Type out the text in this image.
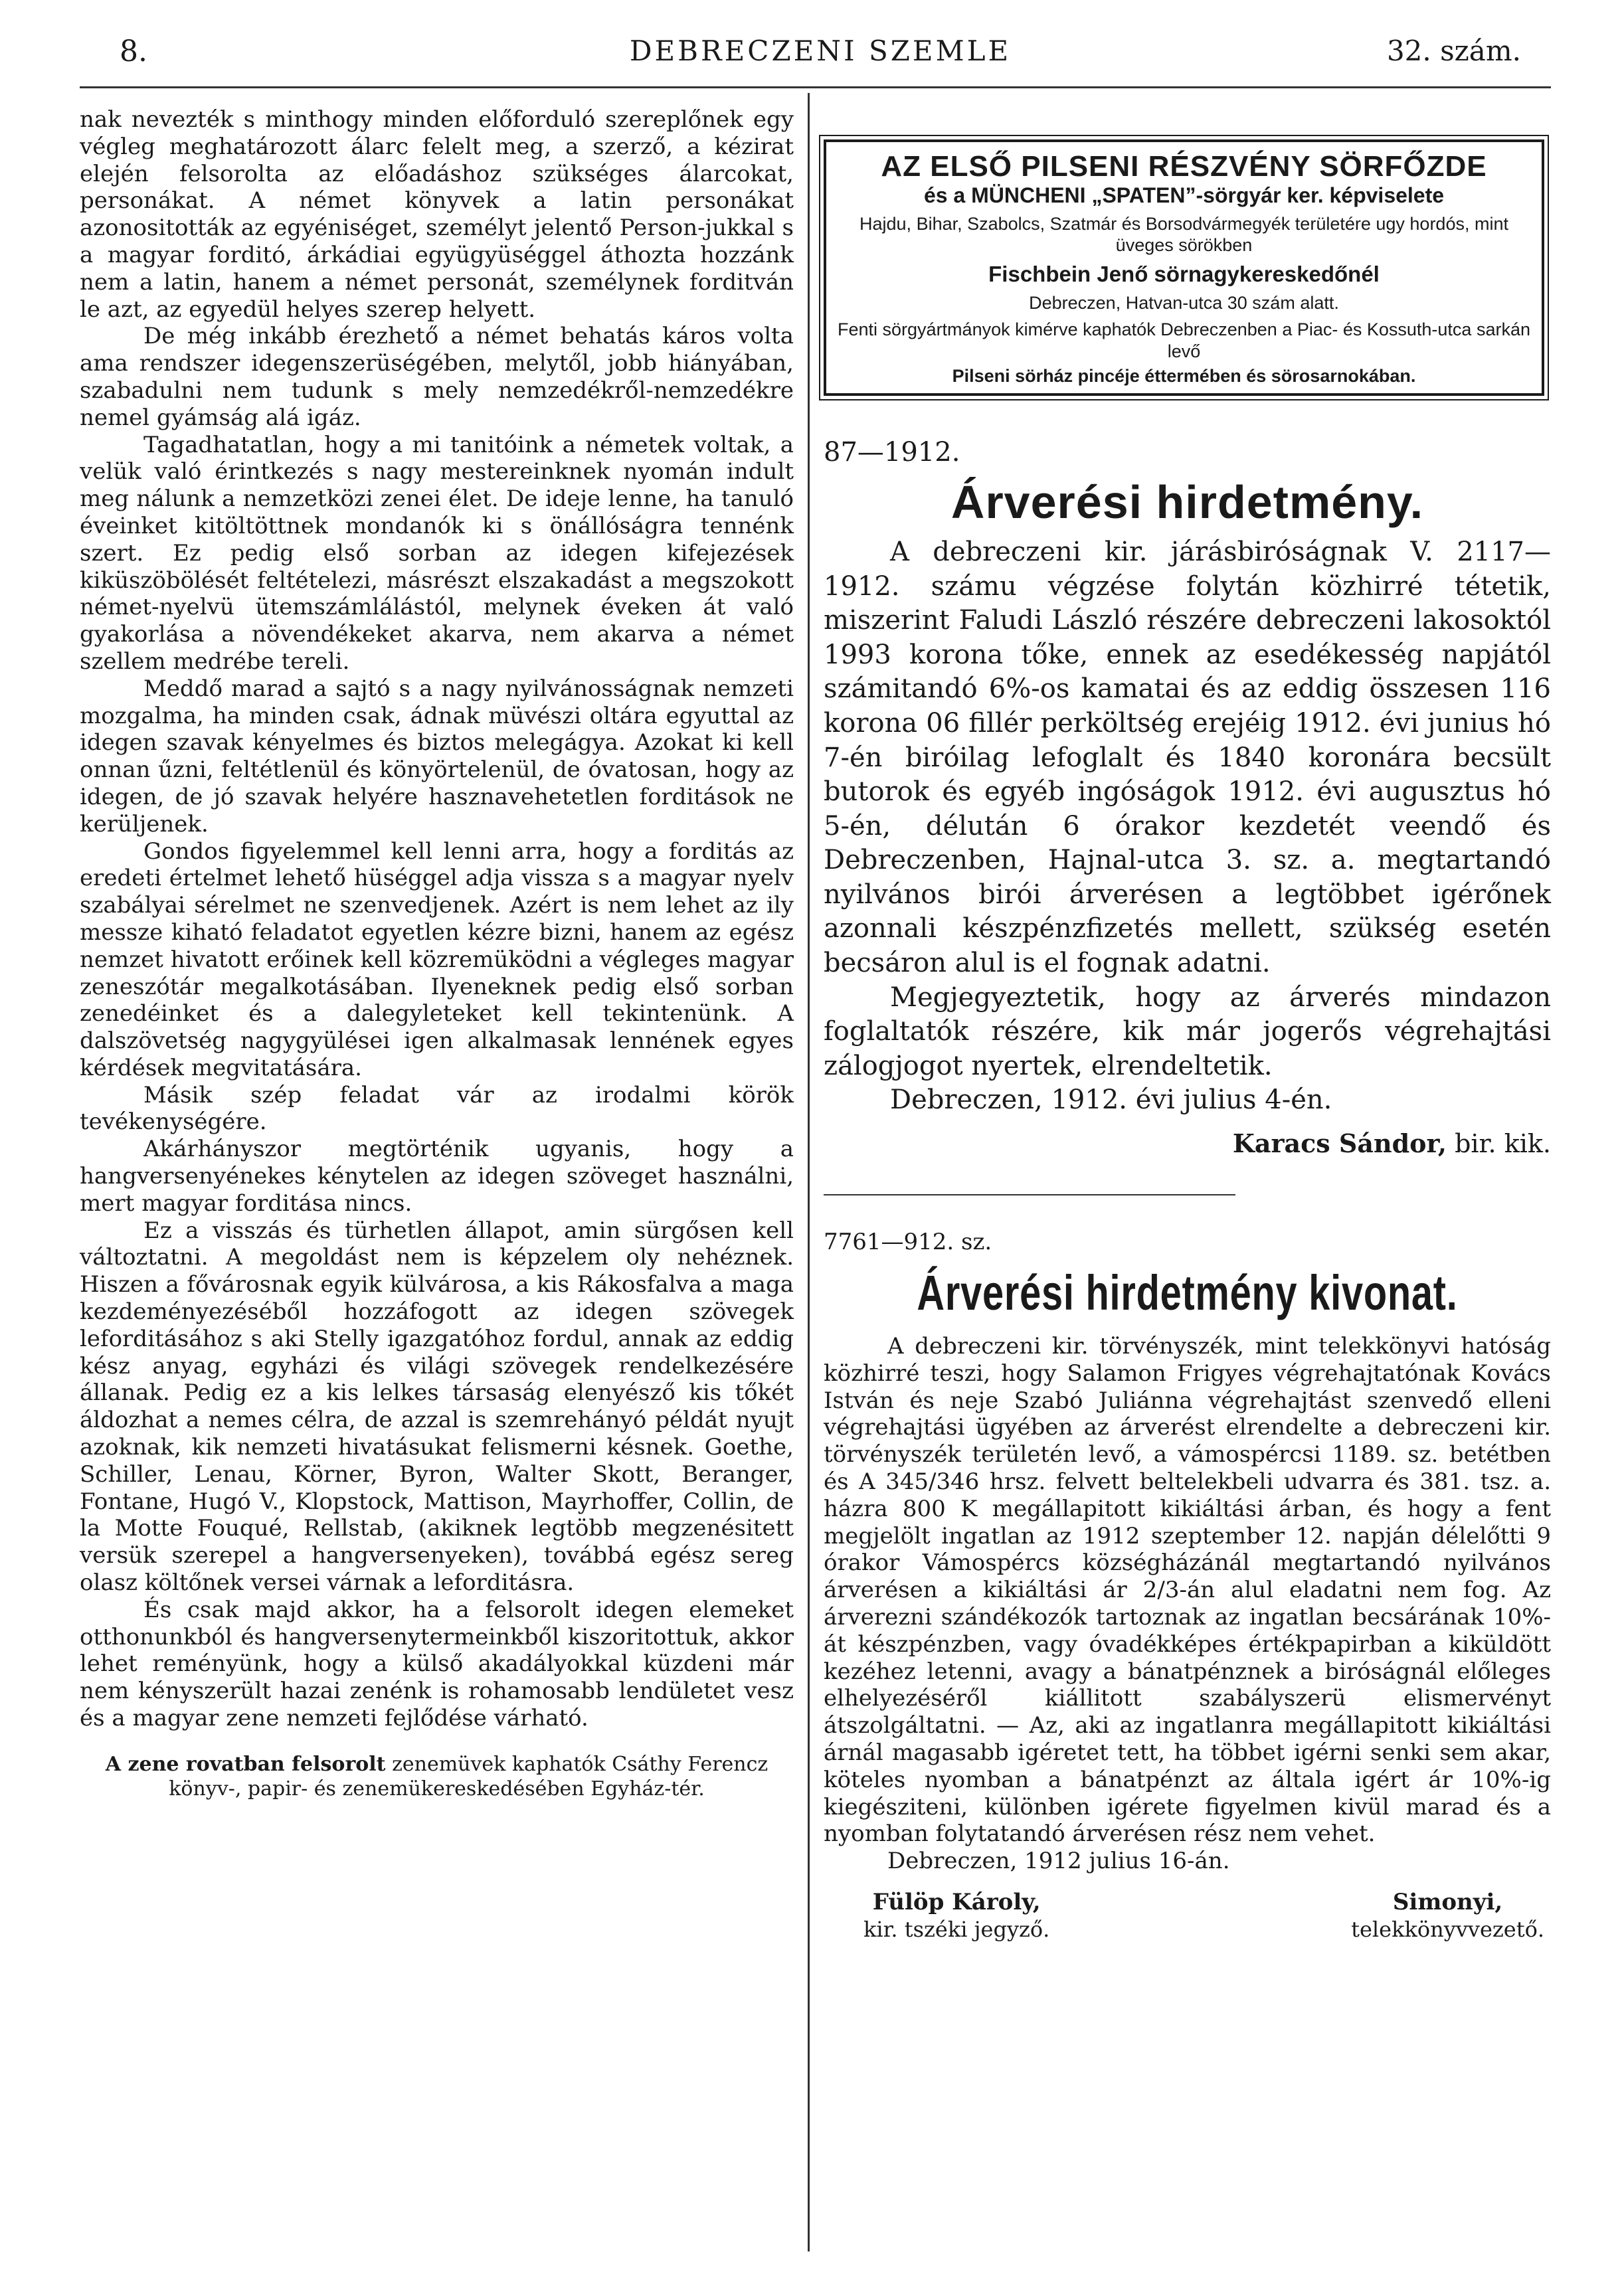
8.	DEBRECZENI SZEMLE	32. szám.

nak nevezték s minthogy minden előforduló szereplőnek egy végleg meghatározott álarc felelt meg, a szerző, a kézirat elején felsorolta az előadáshoz szükséges álarcokat, personákat. A német könyvek a latin personákat azonositották az egyéniséget, személyt jelentő Person-jukkal s a magyar forditó, árkádiai együgyüséggel áthozta hozzánk nem a latin, hanem a német personát, személynek forditván le azt, az egyedül helyes szerep helyett.

De még inkább érezhető a német behatás káros volta ama rendszer idegenszerüségében, melytől, jobb hiányában, szabadulni nem tudunk s mely nemzedékről-nemzedékre nemel gyámság alá igáz.

Tagadhatatlan, hogy a mi tanitóink a németek voltak, a velük való érintkezés s nagy mestereinknek nyomán indult meg nálunk a nemzetközi zenei élet. De ideje lenne, ha tanuló éveinket kitöltöttnek mondanók ki s önállóságra tennénk szert. Ez pedig első sorban az idegen kifejezések kiküszöbölését feltételezi, másrészt elszakadást a megszokott német-nyelvü ütemszámlálástól, melynek éveken át való gyakorlása a növendékeket akarva, nem akarva a német szellem medrébe tereli.

Meddő marad a sajtó s a nagy nyilvánosságnak nemzeti mozgalma, ha minden csak, ádnak müvészi oltára egyuttal az idegen szavak kényelmes és biztos melegágya. Azokat ki kell onnan űzni, feltétlenül és könyörtelenül, de óvatosan, hogy az idegen, de jó szavak helyére hasznavehetetlen forditások ne kerüljenek.

Gondos figyelemmel kell lenni arra, hogy a forditás az eredeti értelmet lehető hüséggel adja vissza s a magyar nyelv szabályai sérelmet ne szenvedjenek. Azért is nem lehet az ily messze kiható feladatot egyetlen kézre bizni, hanem az egész nemzet hivatott erőinek kell közremüködni a végleges magyar zeneszótár megalkotásában. Ilyeneknek pedig első sorban zenedéinket és a dalegyleteket kell tekintenünk. A dalszövetség nagygyülései igen alkalmasak lennének egyes kérdések megvitatására.

Másik szép feladat vár az irodalmi körök tevékenységére.

Akárhányszor megtörténik ugyanis, hogy a hangversenyénekes kénytelen az idegen szöveget használni, mert magyar forditása nincs.

Ez a visszás és türhetlen állapot, amin sürgősen kell változtatni. A megoldást nem is képzelem oly nehéznek. Hiszen a fővárosnak egyik külvárosa, a kis Rákosfalva a maga kezdeményezéséből hozzáfogott az idegen szövegek leforditásához s aki Stelly igazgatóhoz fordul, annak az eddig kész anyag, egyházi és világi szövegek rendelkezésére állanak. Pedig ez a kis lelkes társaság elenyésző kis tőkét áldozhat a nemes célra, de azzal is szemrehányó példát nyujt azoknak, kik nemzeti hivatásukat felismerni késnek. Goethe, Schiller, Lenau, Körner, Byron, Walter Skott, Beranger, Fontane, Hugó V., Klopstock, Mattison, Mayrhoffer, Collin, de la Motte Fouqué, Rellstab, (akiknek legtöbb megzenésitett versük szerepel a hangversenyeken), továbbá egész sereg olasz költőnek versei várnak a leforditásra.

És csak majd akkor, ha a felsorolt idegen elemeket otthonunkból és hangversenytermeinkből kiszoritottuk, akkor lehet reményünk, hogy a külső akadályokkal küzdeni már nem kényszerült hazai zenénk is rohamosabb lendületet vesz és a magyar zene nemzeti fejlődése várható.

A zene rovatban felsorolt zenemüvek kaphatók Csáthy Ferencz könyv-, papir- és zenemükereskedésében Egyház-tér.

AZ ELSŐ PILSENI RÉSZVÉNY SÖRFŐZDE
és a MÜNCHENI „SPATEN”-sörgyár ker. képviselete
Hajdu, Bihar, Szabolcs, Szatmár és Borsodvármegyék területére ugy hordós, mint üveges sörökben
Fischbein Jenő sörnagykereskedőnél
Debreczen, Hatvan-utca 30 szám alatt.
Fenti sörgyártmányok kimérve kaphatók Debreczenben a Piac- és Kossuth-utca sarkán levő
Pilseni sörház pincéje éttermében és sörosarnokában.
87—1912.
Árverési hirdetmény.

A debreczeni kir. járásbiróságnak V. 2117—1912. számu végzése folytán közhirré tétetik, miszerint Faludi László részére debreczeni lakosoktól 1993 korona tőke, ennek az esedékesség napjától számitandó 6%-os kamatai és az eddig összesen 116 korona 06 fillér perköltség erejéig 1912. évi junius hó 7-én biróilag lefoglalt és 1840 koronára becsült butorok és egyéb ingóságok 1912. évi augusztus hó 5-én, délután 6 órakor kezdetét veendő és Debreczenben, Hajnal-utca 3. sz. a. megtartandó nyilvános birói árverésen a legtöbbet igérőnek azonnali készpénzfizetés mellett, szükség esetén becsáron alul is el fognak adatni.

Megjegyeztetik, hogy az árverés mindazon foglaltatók részére, kik már jogerős végrehajtási zálogjogot nyertek, elrendeltetik.

Debreczen, 1912. évi julius 4-én.

Karacs Sándor, bir. kik.
7761—912. sz.
Árverési hirdetmény kivonat.

A debreczeni kir. törvényszék, mint telekkönyvi hatóság közhirré teszi, hogy Salamon Frigyes végrehajtatónak Kovács István és neje Szabó Juliánna végrehajtást szenvedő elleni végrehajtási ügyében az árverést elrendelte a debreczeni kir. törvényszék területén levő, a vámospércsi 1189. sz. betétben és A 345/346 hrsz. felvett beltelekbeli udvarra és 381. tsz. a. házra 800 K megállapitott kikiáltási árban, és hogy a fent megjelölt ingatlan az 1912 szeptember 12. napján délelőtti 9 órakor Vámospércs községházánál megtartandó nyilvános árverésen a kikiáltási ár 2/3-án alul eladatni nem fog. Az árverezni szándékozók tartoznak az ingatlan becsárának 10%-át készpénzben, vagy óvadékképes értékpapirban a kiküldött kezéhez letenni, avagy a bánatpénznek a biróságnál előleges elhelyezéséről kiállitott szabályszerü elismervényt átszolgáltatni. — Az, aki az ingatlanra megállapitott kikiáltási árnál magasabb igéretet tett, ha többet igérni senki sem akar, köteles nyomban a bánatpénzt az általa igért ár 10%-ig kiegésziteni, különben igérete figyelmen kivül marad és a nyomban folytatandó árverésen rész nem vehet.

Debreczen, 1912 julius 16-án.

Fülöp Károly,
kir. tszéki jegyző.
Simonyi,
telekkönyvvezető.
